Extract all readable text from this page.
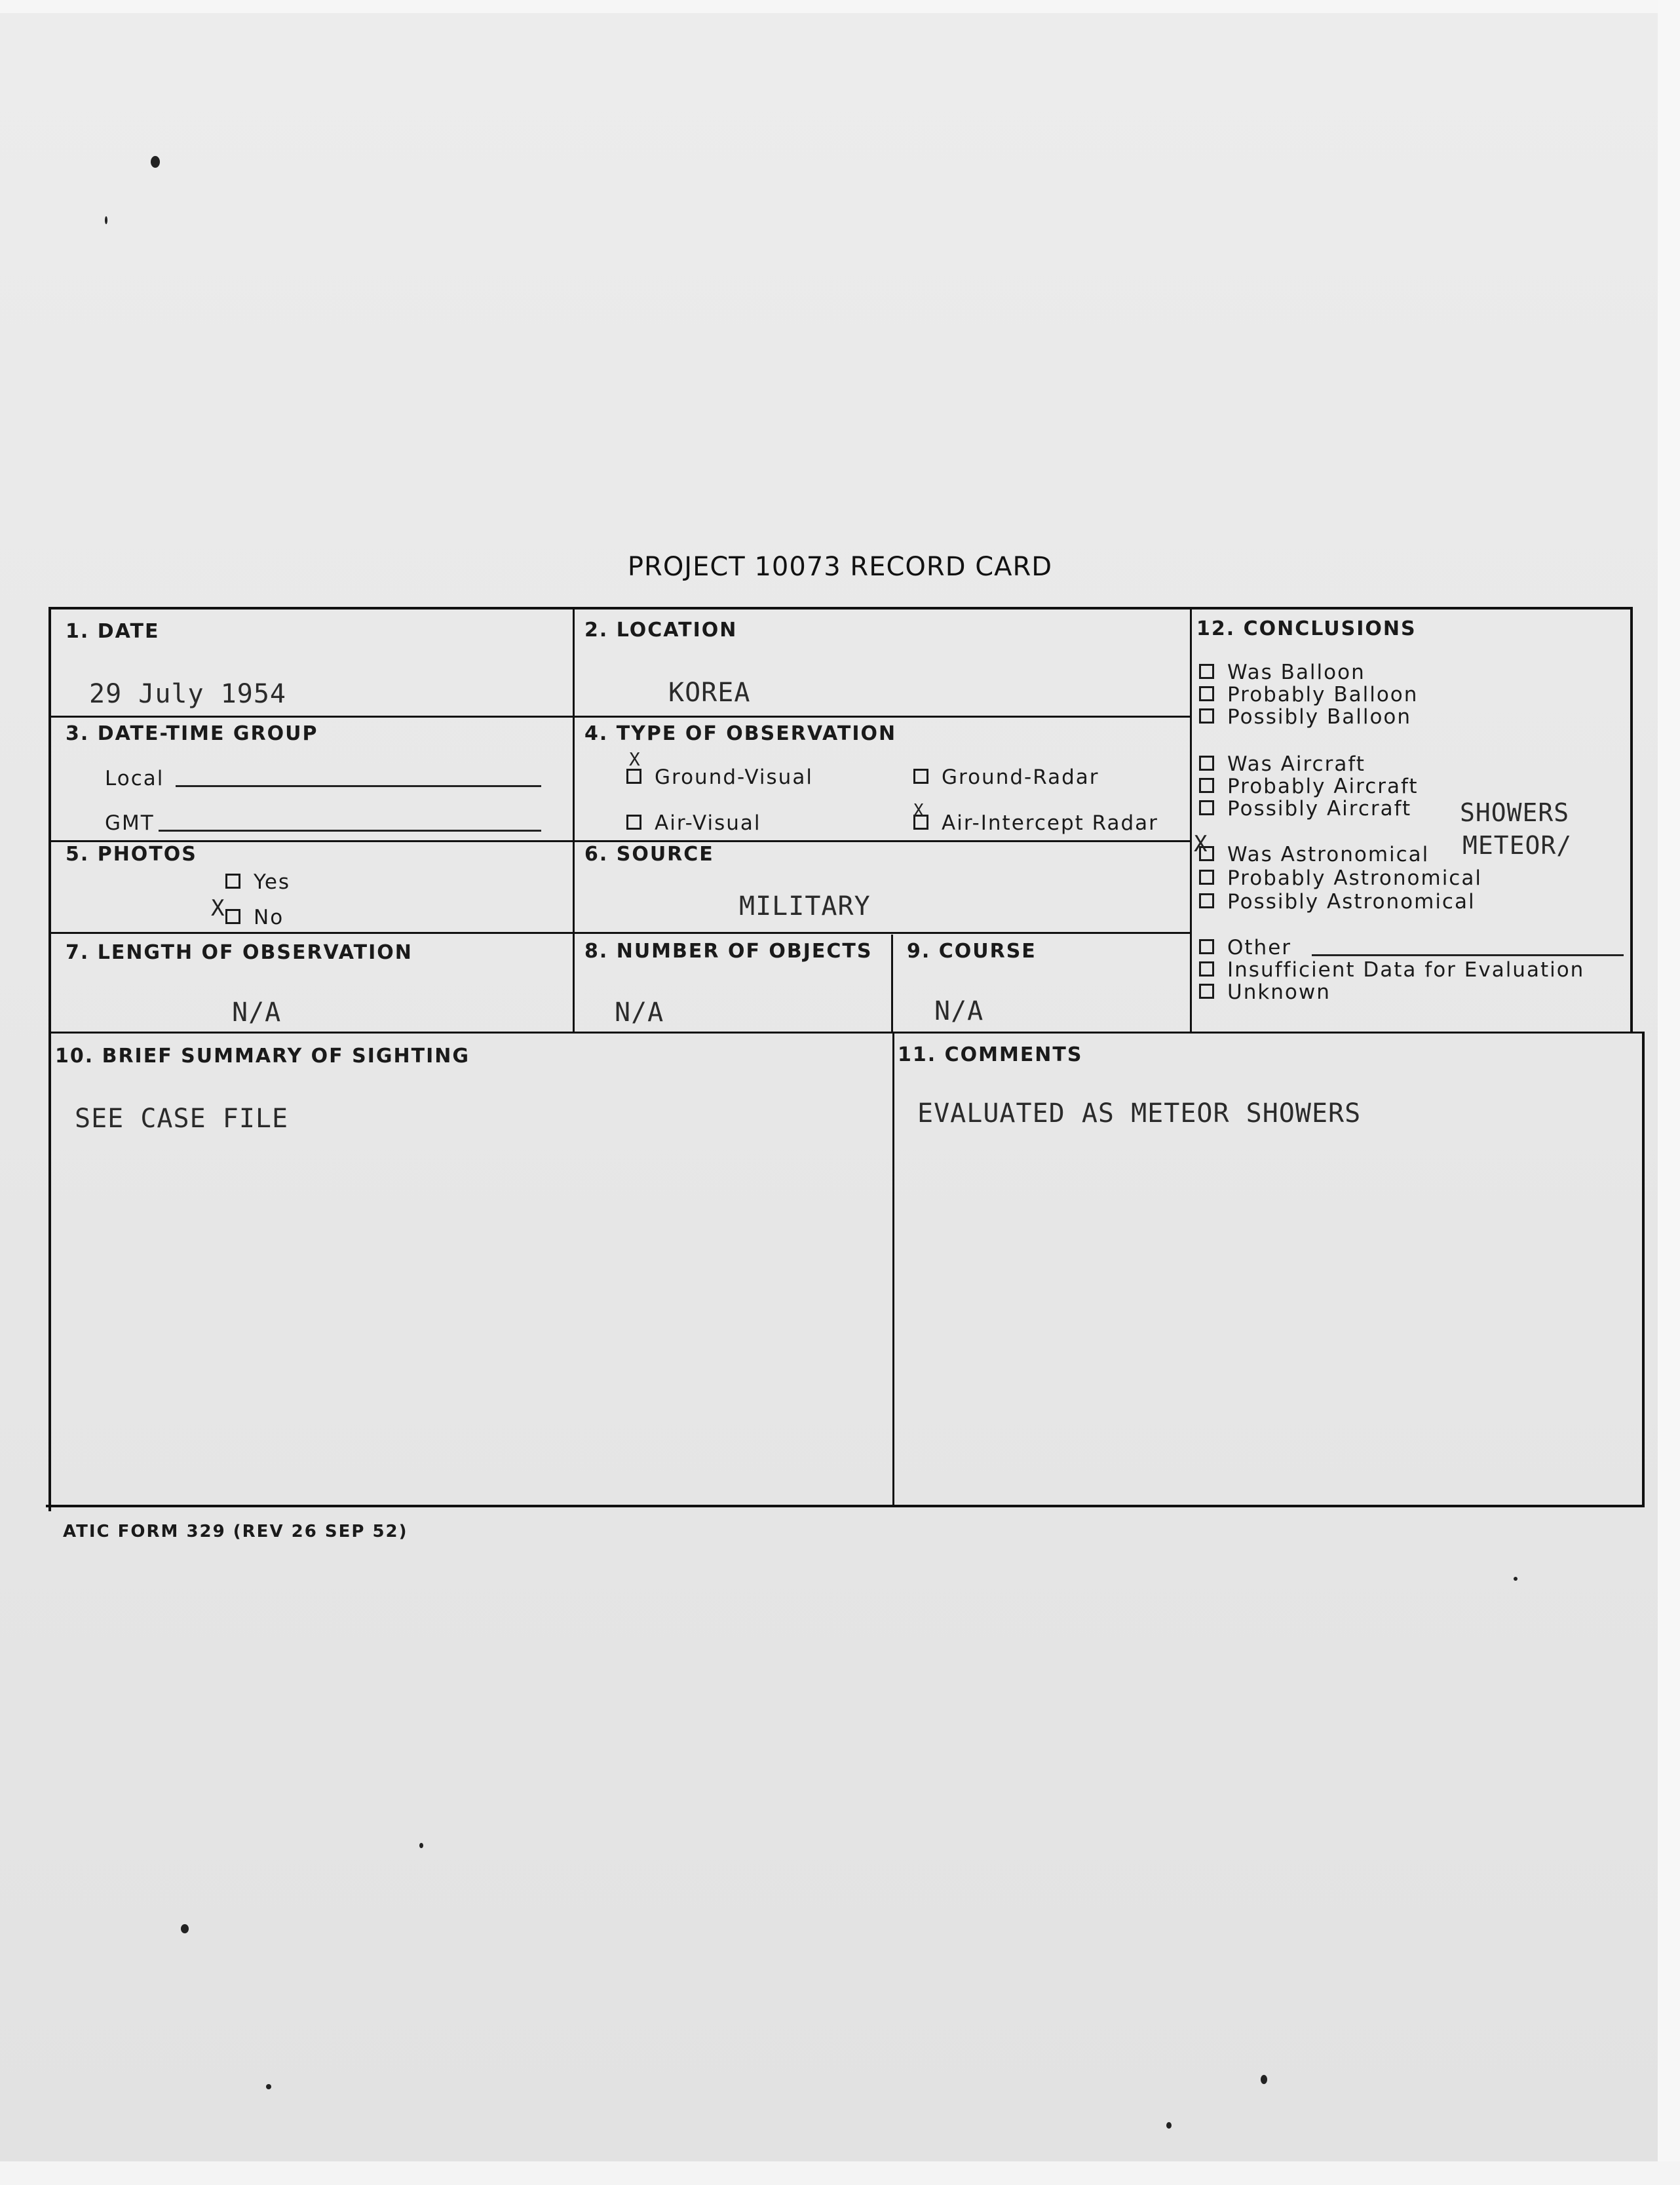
PROJECT 10073 RECORD CARD
1. DATE
29 July 1954
2. LOCATION
KOREA
3. DATE-TIME GROUP
Local
GMT
4. TYPE OF OBSERVATION
Ground-Visual
X
Ground-Radar
Air-Visual	Air-Intercept Radar
X
5. PHOTOS
Yes
No
X
6. SOURCE
MILITARY
7. LENGTH OF OBSERVATION
N/A
8. NUMBER OF OBJECTS
N/A
9. COURSE
N/A
10. BRIEF SUMMARY OF SIGHTING
SEE CASE FILE
11. COMMENTS
EVALUATED AS METEOR SHOWERS
12. CONCLUSIONS
Was Balloon
Probably Balloon
Possibly Balloon
Was Aircraft
Probably Aircraft
Possibly Aircraft
Was Astronomical
X
Probably Astronomical
Possibly Astronomical
SHOWERS
METEOR/
Other
Insufficient Data for Evaluation
Unknown
ATIC FORM 329 (REV 26 SEP 52)
